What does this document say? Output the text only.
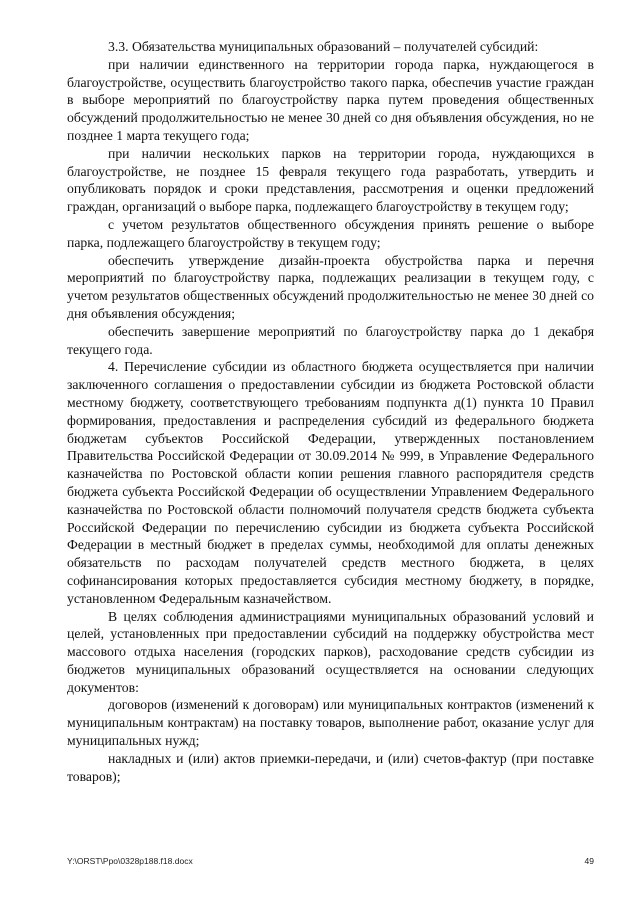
3.3. Обязательства муниципальных образований – получателей субсидий:

при наличии единственного на территории города парка, нуждающегося в благоустройстве, осуществить благоустройство такого парка, обеспечив участие граждан в выборе мероприятий по благоустройству парка путем проведения общественных обсуждений продолжительностью не менее 30 дней со дня объявления обсуждения, но не позднее 1 марта текущего года;

при наличии нескольких парков на территории города, нуждающихся в благоустройстве, не позднее 15 февраля текущего года разработать, утвердить и опубликовать порядок и сроки представления, рассмотрения и оценки предложений граждан, организаций о выборе парка, подлежащего благоустройству в текущем году;

с учетом результатов общественного обсуждения принять решение о выборе парка, подлежащего благоустройству в текущем году;

обеспечить утверждение дизайн-проекта обустройства парка и перечня мероприятий по благоустройству парка, подлежащих реализации в текущем году, с учетом результатов общественных обсуждений продолжительностью не менее 30 дней со дня объявления обсуждения;

обеспечить завершение мероприятий по благоустройству парка до 1 декабря текущего года.

4. Перечисление субсидии из областного бюджета осуществляется при наличии заключенного соглашения о предоставлении субсидии из бюджета Ростовской области местному бюджету, соответствующего требованиям подпункта д(1) пункта 10 Правил формирования, предоставления и распределения субсидий из федерального бюджета бюджетам субъектов Российской Федерации, утвержденных постановлением Правительства Российской Федерации от 30.09.2014 № 999, в Управление Федерального казначейства по Ростовской области копии решения главного распорядителя средств бюджета субъекта Российской Федерации об осуществлении Управлением Федерального казначейства по Ростовской области полномочий получателя средств бюджета субъекта Российской Федерации по перечислению субсидии из бюджета субъекта Российской Федерации в местный бюджет в пределах суммы, необходимой для оплаты денежных обязательств по расходам получателей средств местного бюджета, в целях софинансирования которых предоставляется субсидия местному бюджету, в порядке, установленном Федеральным казначейством.

В целях соблюдения администрациями муниципальных образований условий и целей, установленных при предоставлении субсидий на поддержку обустройства мест массового отдыха населения (городских парков), расходование средств субсидии из бюджетов муниципальных образований осуществляется на основании следующих документов:

договоров (изменений к договорам) или муниципальных контрактов (изменений к муниципальным контрактам) на поставку товаров, выполнение работ, оказание услуг для муниципальных нужд;

накладных и (или) актов приемки-передачи, и (или) счетов-фактур (при поставке товаров);

Y:\ORST\Ppo\0328p188.f18.docx	49
